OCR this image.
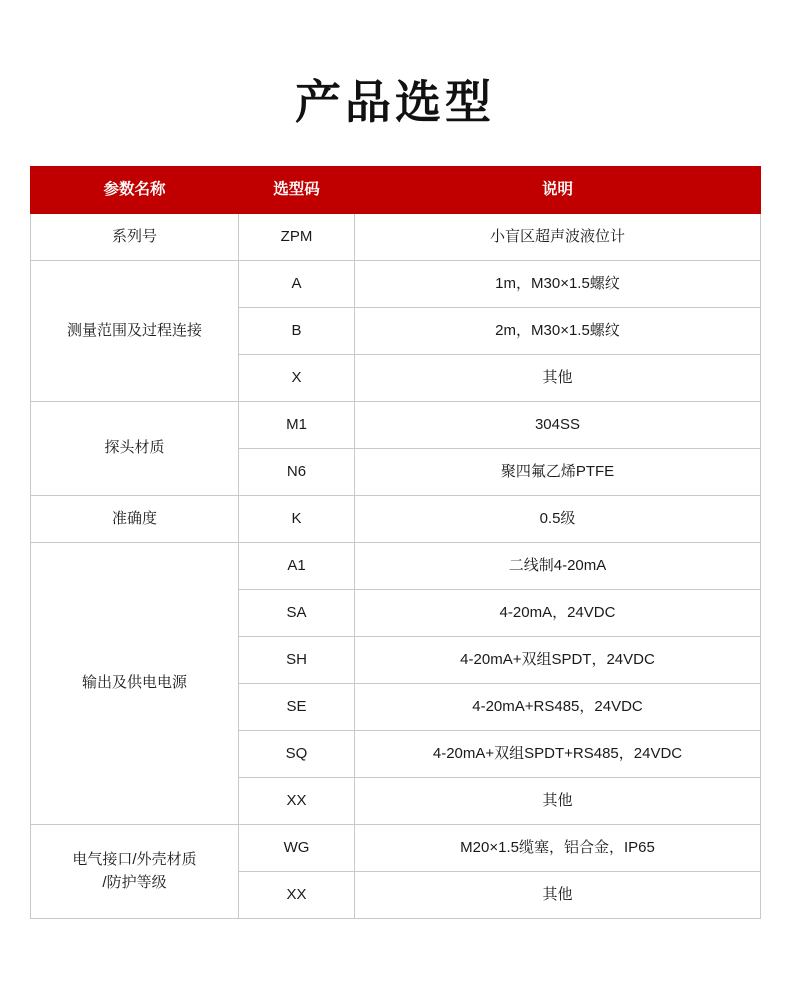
产品选型
参数名称	选型码	说明

系列号	ZPM	小盲区超声波液位计

测量范围及过程连接	A	1m，M30×1.5螺纹
	B	2m，M30×1.5螺纹
	X	其他

探头材质	M1	304SS
	N6	聚四氟乙烯PTFE

准确度	K	0.5级

输出及供电电源	A1	二线制4-20mA
	SA	4-20mA，24VDC
	SH	4-20mA+双组SPDT，24VDC
	SE	4-20mA+RS485，24VDC
	SQ	4-20mA+双组SPDT+RS485，24VDC
	XX	其他

电气接口/外壳材质
/防护等级	WG	M20×1.5缆塞，铝合金，IP65
	XX	其他
